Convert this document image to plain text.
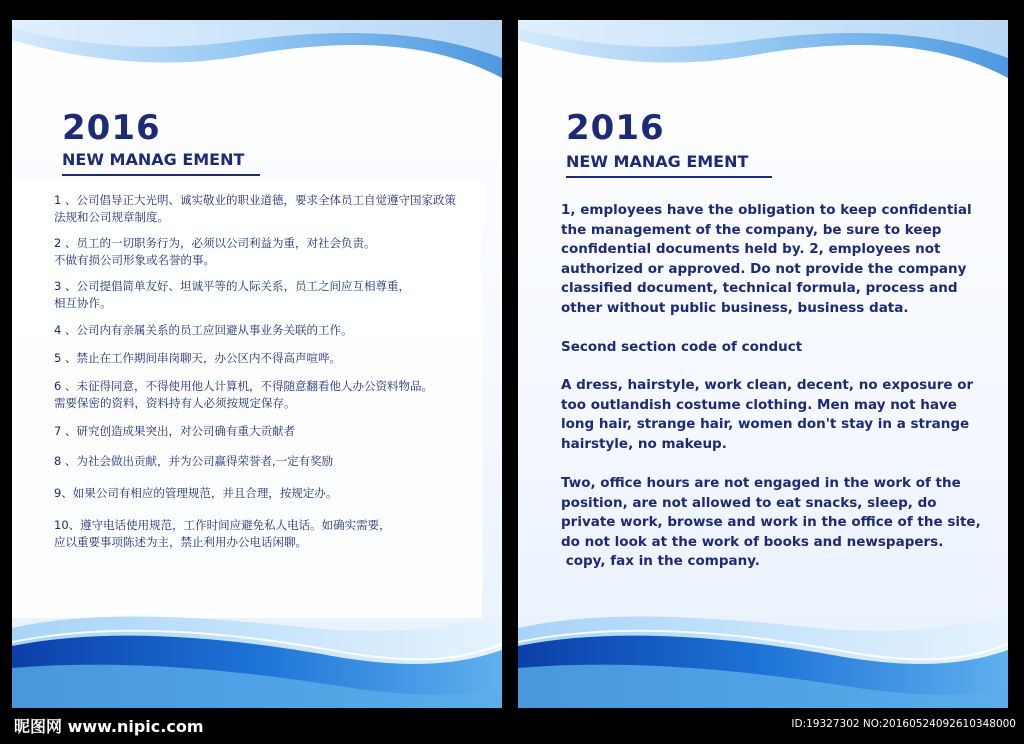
2016
NEW MANAG EMENT
1 、公司倡导正大光明、诚实敬业的职业道德，要求全体员工自觉遵守国家政策
法规和公司规章制度。
2 、员工的一切职务行为，必须以公司利益为重，对社会负责。
不做有损公司形象或名誉的事。
3 、公司提倡简单友好、坦诚平等的人际关系，员工之间应互相尊重，
相互协作。
4 、公司内有亲属关系的员工应回避从事业务关联的工作。
5 、禁止在工作期间串岗聊天，办公区内不得高声喧哗。
6 、未征得同意，不得使用他人计算机，不得随意翻看他人办公资料物品。
需要保密的资料，资料持有人必须按规定保存。
7 、研究创造成果突出，对公司确有重大贡献者
8 、为社会做出贡献，并为公司赢得荣誉者,一定有奖励
9、如果公司有相应的管理规范，并且合理，按规定办。
10、遵守电话使用规范，工作时间应避免私人电话。如确实需要，
应以重要事项陈述为主，禁止利用办公电话闲聊。
2016
NEW MANAG EMENT
1, employees have the obligation to keep confidential
the management of the company, be sure to keep
confidential documents held by. 2, employees not
authorized or approved. Do not provide the company
classified document, technical formula, process and
other without public business, business data.
Second section code of conduct
A dress, hairstyle, work clean, decent, no exposure or
too outlandish costume clothing. Men may not have
long hair, strange hair, women don't stay in a strange
hairstyle, no makeup.
Two, office hours are not engaged in the work of the
position, are not allowed to eat snacks, sleep, do
private work, browse and work in the office of the site,
do not look at the work of books and newspapers.
copy, fax in the company.
昵图网 www.nipic.com	ID:19327302 NO:20160524092610348000
